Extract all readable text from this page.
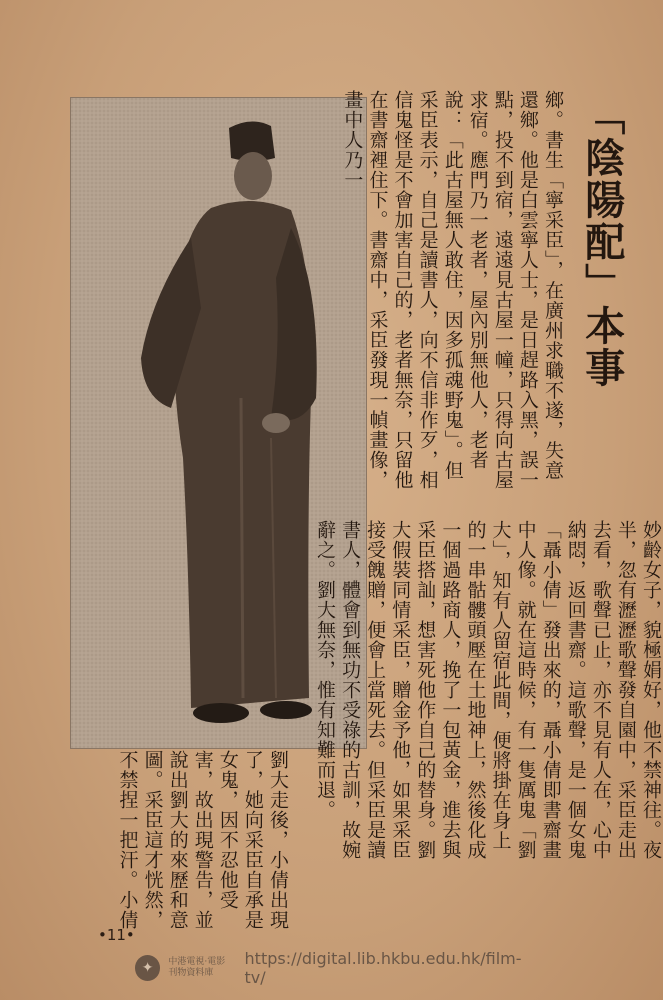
「陰陽配」本事
鄉。書生「寧采臣」，在廣州求職不遂，失意還鄉。他是白雲寧人士，是日趕路入黑，誤一點，投不到宿，遠遠見古屋一幢，只得向古屋求宿。應門乃一老者，屋內別無他人，老者說：「此古屋無人敢住，因多孤魂野鬼」。但采臣表示，自己是讀書人，向不信非作歹，相信鬼怪是不會加害自己的，老者無奈，只留他在書齋裡住下。書齋中，采臣發現一幀畫像，畫中人乃一
妙齡女子，貌極娟好，他不禁神往。夜半，忽有瀝瀝歌聲發自園中，采臣走出去看，歌聲已止，亦不見有人在，心中納悶，返回書齋。這歌聲，是一個女鬼「聶小倩」發出來的，聶小倩即書齋畫中人像。就在這時候，有一隻厲鬼「劉大」，知有人留宿此間，便將掛在身上的一串骷髏頭壓在土地神上，然後化成一個過路商人，挽了一包黃金，進去與采臣搭訕，想害死他作自己的替身。劉大假裝同情采臣，贈金予他，如果采臣接受餽贈，便會上當死去。但采臣是讀書人，體會到無功不受祿的古訓，故婉辭之。劉大無奈，惟有知難而退。
劉大走後，小倩出現了，她向采臣自承是女鬼，因不忍他受害，故出現警告，並說出劉大的來歷和意圖。采臣這才恍然，不禁捏一把汗。小倩
•11•
✦	中港電視‧電影 刊物資料庫
https://digital.lib.hkbu.edu.hk/film-tv/
